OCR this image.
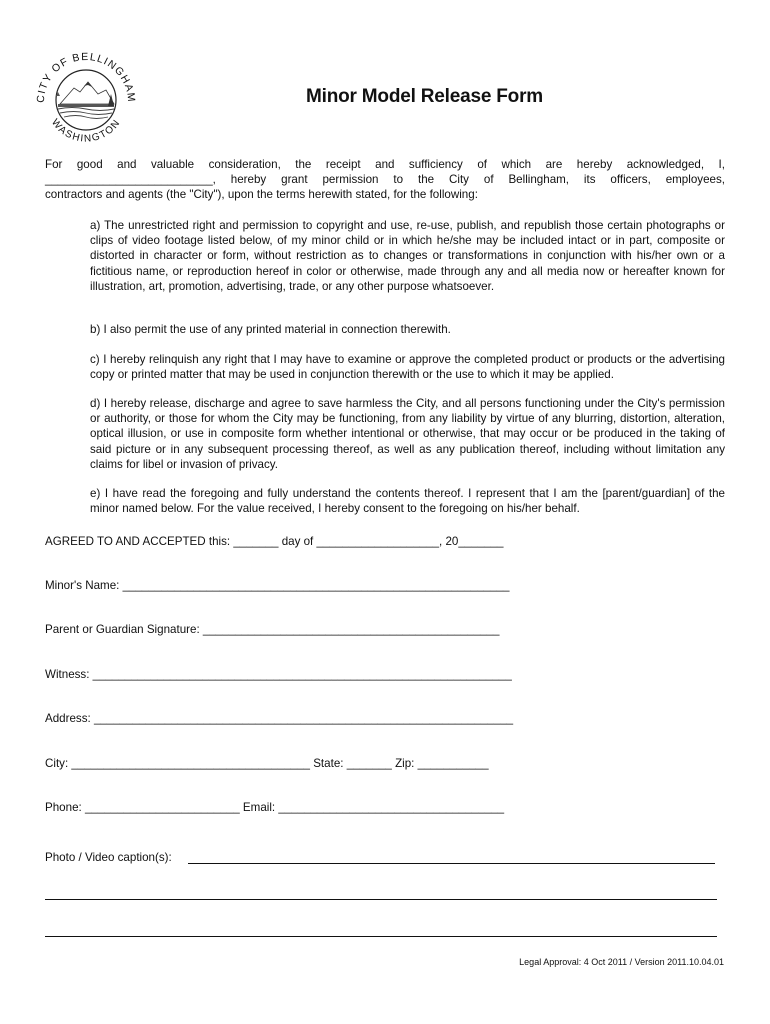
CITY OF BELLINGHAM
WASHINGTON
Minor Model Release Form
For good and valuable consideration, the receipt and sufficiency of which are hereby acknowledged, I,
__________________________, hereby grant permission to the City of Bellingham, its officers, employees,
contractors and agents (the "City"), upon the terms herewith stated, for the following:
a) The unrestricted right and permission to copyright and use, re-use, publish, and republish those certain photographs or clips of video footage listed below, of my minor child or in which he/she may be included intact or in part, composite or distorted in character or form, without restriction as to changes or transformations in conjunction with his/her own or a fictitious name, or reproduction hereof in color or otherwise, made through any and all media now or hereafter known for illustration, art, promotion, advertising, trade, or any other purpose whatsoever.
b) I also permit the use of any printed material in connection therewith.
c) I hereby relinquish any right that I may have to examine or approve the completed product or products or the advertising copy or printed matter that may be used in conjunction therewith or the use to which it may be applied.
d) I hereby release, discharge and agree to save harmless the City, and all persons functioning under the City's permission or authority, or those for whom the City may be functioning, from any liability by virtue of any blurring, distortion, alteration, optical illusion, or use in composite form whether intentional or otherwise, that may occur or be produced in the taking of said picture or in any subsequent processing thereof, as well as any publication thereof, including without limitation any claims for libel or invasion of privacy.
e) I have read the foregoing and fully understand the contents thereof. I represent that I am the [parent/guardian] of the minor named below. For the value received, I hereby consent to the foregoing on his/her behalf.
AGREED TO AND ACCEPTED this: _______ day of ___________________, 20_______
Minor's Name: ____________________________________________________________
Parent or Guardian Signature: ______________________________________________
Witness: _________________________________________________________________
Address: _________________________________________________________________
City: _____________________________________ State: _______ Zip: ___________
Phone: ________________________ Email: ___________________________________
Photo / Video caption(s):
Legal Approval: 4 Oct 2011 / Version 2011.10.04.01
